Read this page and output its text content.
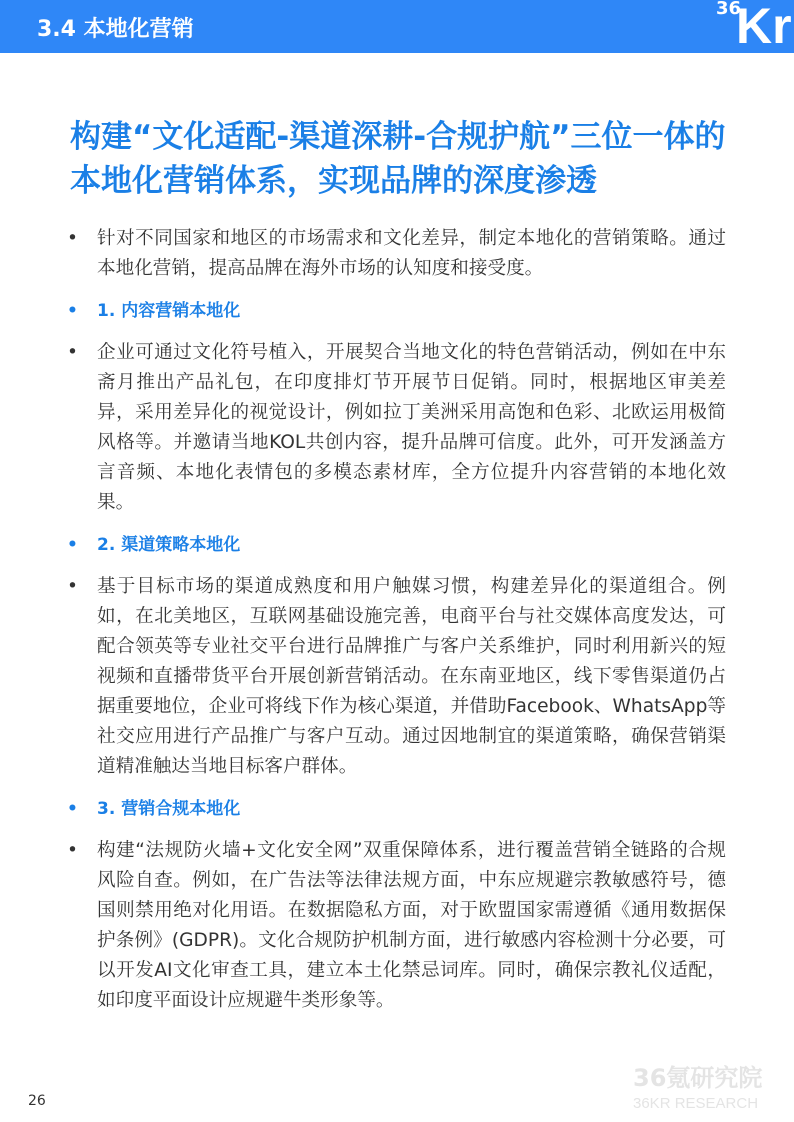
3.4 本地化营销
36
Kr
构建“文化适配-渠道深耕-合规护航”三位一体的本地化营销体系，实现品牌的深度渗透
• 针对不同国家和地区的市场需求和文化差异，制定本地化的营销策略。通过本地化营销，提高品牌在海外市场的认知度和接受度。
• 1. 内容营销本地化
• 企业可通过文化符号植入，开展契合当地文化的特色营销活动，例如在中东斋月推出产品礼包，在印度排灯节开展节日促销。同时，根据地区审美差异，采用差异化的视觉设计，例如拉丁美洲采用高饱和色彩、北欧运用极简风格等。并邀请当地KOL共创内容，提升品牌可信度。此外，可开发涵盖方言音频、本地化表情包的多模态素材库，全方位提升内容营销的本地化效果。
• 2. 渠道策略本地化
• 基于目标市场的渠道成熟度和用户触媒习惯，构建差异化的渠道组合。例如，在北美地区，互联网基础设施完善，电商平台与社交媒体高度发达，可配合领英等专业社交平台进行品牌推广与客户关系维护，同时利用新兴的短视频和直播带货平台开展创新营销活动。在东南亚地区，线下零售渠道仍占据重要地位，企业可将线下作为核心渠道，并借助Facebook、WhatsApp等社交应用进行产品推广与客户互动。通过因地制宜的渠道策略，确保营销渠道精准触达当地目标客户群体。
• 3. 营销合规本地化
• 构建“法规防火墙+文化安全网”双重保障体系，进行覆盖营销全链路的合规风险自查。例如，在广告法等法律法规方面，中东应规避宗教敏感符号，德国则禁用绝对化用语。在数据隐私方面，对于欧盟国家需遵循《通用数据保护条例》(GDPR)。文化合规防护机制方面，进行敏感内容检测十分必要，可以开发AI文化审查工具，建立本土化禁忌词库。同时，确保宗教礼仪适配，如印度平面设计应规避牛类形象等。
36氪研究院
36KR RESEARCH
26
